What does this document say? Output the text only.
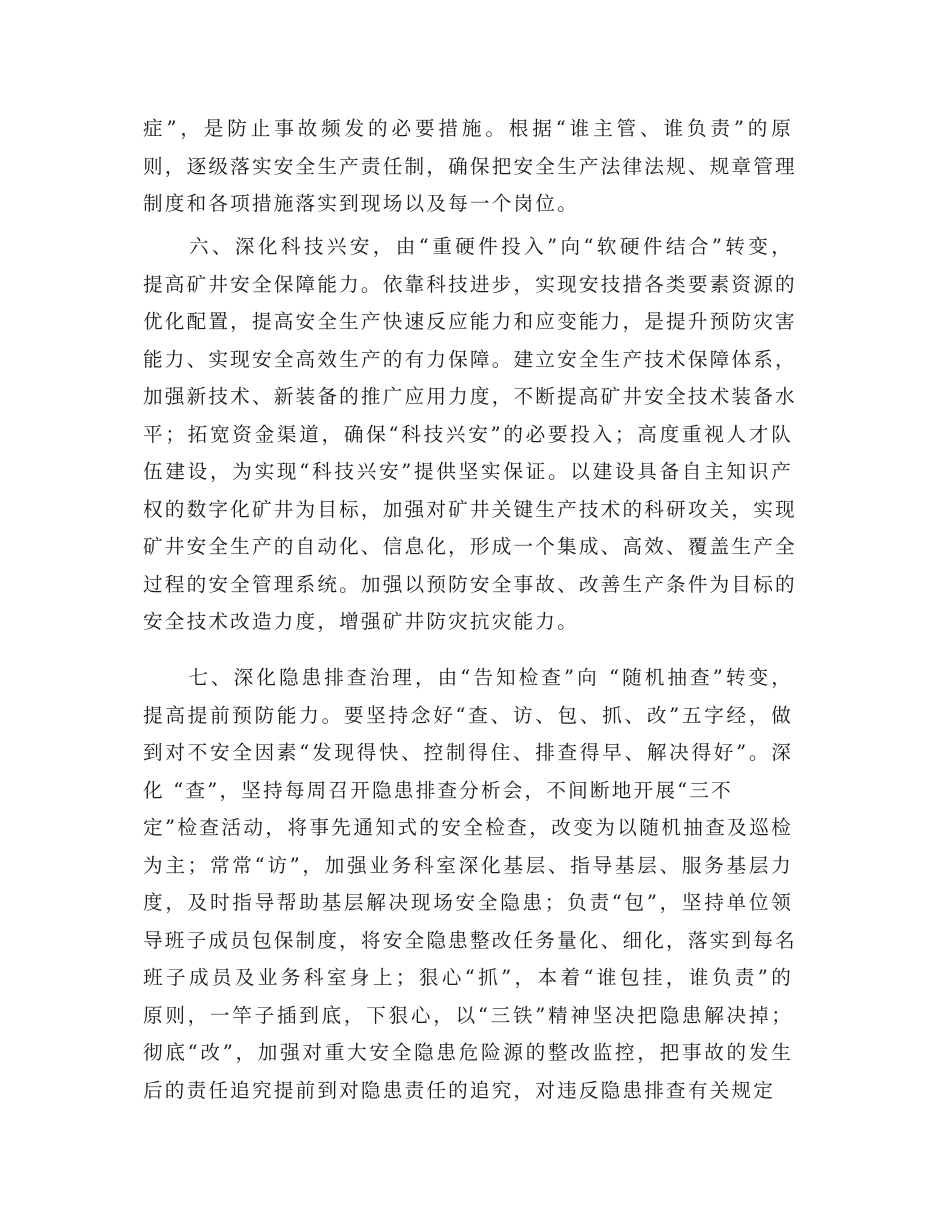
症”，是防止事故频发的必要措施。根据“谁主管、谁负责”的原
则，逐级落实安全生产责任制，确保把安全生产法律法规、规章管理
制度和各项措施落实到现场以及每一个岗位。
　　六、深化科技兴安，由“重硬件投入”向“软硬件结合”转变，
提高矿井安全保障能力。依靠科技进步，实现安技措各类要素资源的
优化配置，提高安全生产快速反应能力和应变能力，是提升预防灾害
能力、实现安全高效生产的有力保障。建立安全生产技术保障体系，
加强新技术、新装备的推广应用力度，不断提高矿井安全技术装备水
平；拓宽资金渠道，确保“科技兴安”的必要投入；高度重视人才队
伍建设，为实现“科技兴安”提供坚实保证。以建设具备自主知识产
权的数字化矿井为目标，加强对矿井关键生产技术的科研攻关，实现
矿井安全生产的自动化、信息化，形成一个集成、高效、覆盖生产全
过程的安全管理系统。加强以预防安全事故、改善生产条件为目标的
安全技术改造力度，增强矿井防灾抗灾能力。
　　七、深化隐患排查治理，由“告知检查”向 “随机抽查”转变，
提高提前预防能力。要坚持念好“查、访、包、抓、改”五字经，做
到对不安全因素“发现得快、控制得住、排查得早、解决得好”。深
化 “查”，坚持每周召开隐患排查分析会，不间断地开展“三不
定”检查活动，将事先通知式的安全检查，改变为以随机抽查及巡检
为主；常常“访”，加强业务科室深化基层、指导基层、服务基层力
度，及时指导帮助基层解决现场安全隐患；负责“包”，坚持单位领
导班子成员包保制度，将安全隐患整改任务量化、细化，落实到每名
班子成员及业务科室身上；狠心“抓”，本着“谁包挂，谁负责”的
原则，一竿子插到底，下狠心，以“三铁”精神坚决把隐患解决掉；
彻底“改”，加强对重大安全隐患危险源的整改监控，把事故的发生
后的责任追究提前到对隐患责任的追究，对违反隐患排查有关规定
